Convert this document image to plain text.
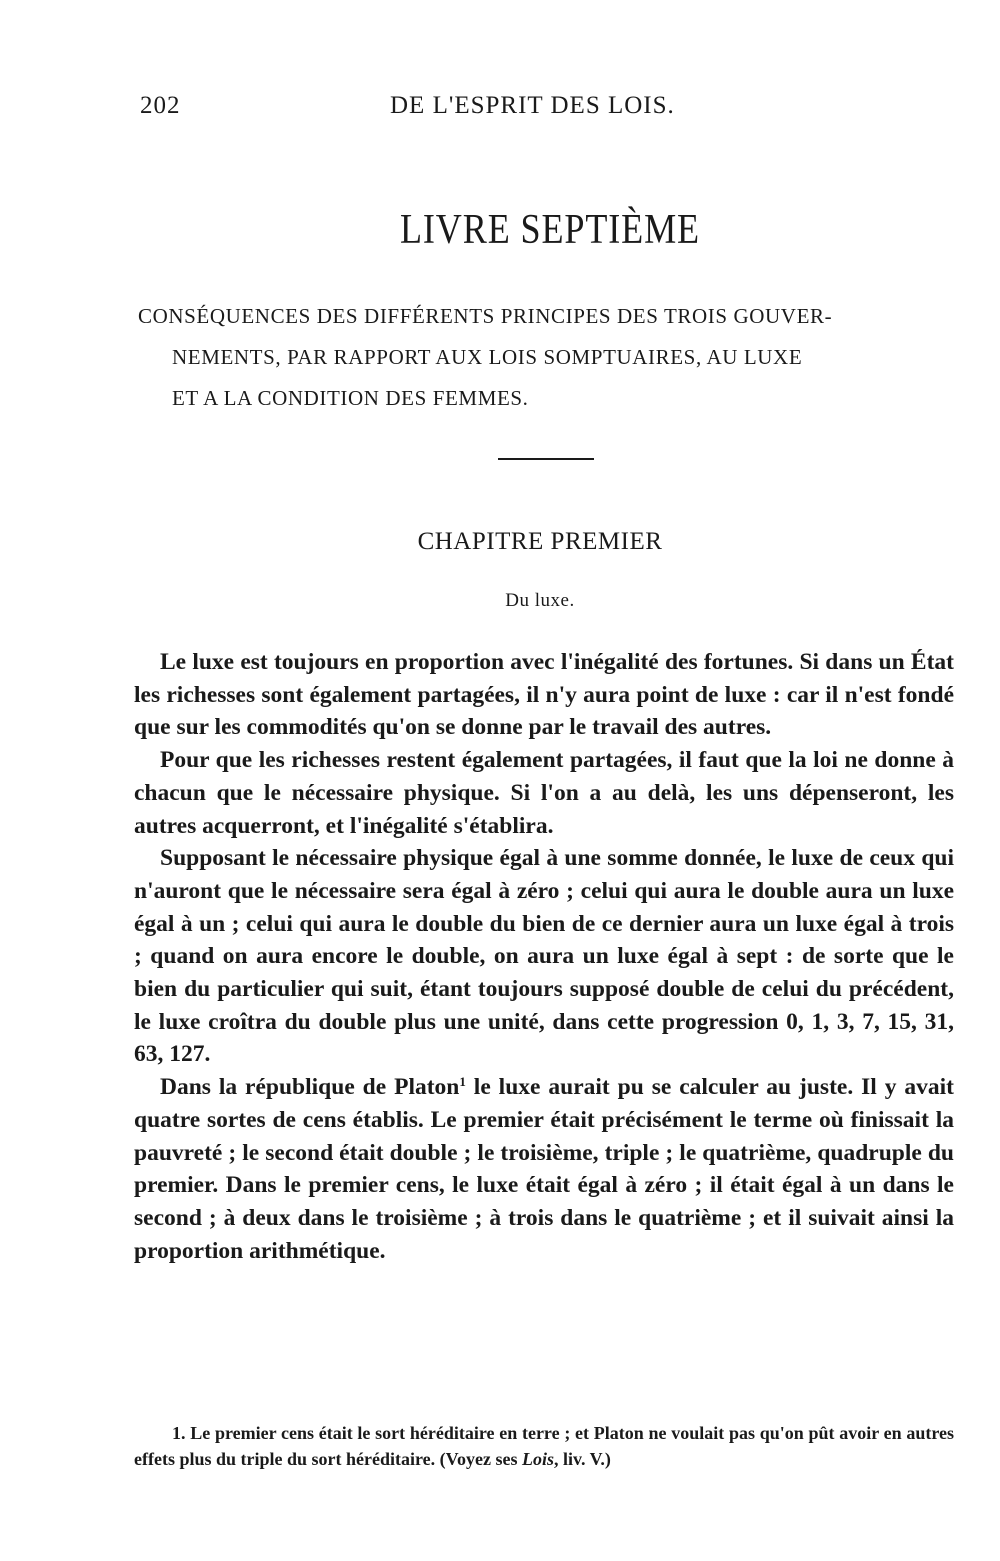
202	DE L'ESPRIT DES LOIS.
LIVRE SEPTIÈME
CONSÉQUENCES DES DIFFÉRENTS PRINCIPES DES TROIS GOUVER-
NEMENTS, PAR RAPPORT AUX LOIS SOMPTUAIRES, AU LUXE
ET A LA CONDITION DES FEMMES.
CHAPITRE PREMIER
Du luxe.

Le luxe est toujours en proportion avec l'inégalité des fortunes. Si dans un État les richesses sont également partagées, il n'y aura point de luxe : car il n'est fondé que sur les commodités qu'on se donne par le travail des autres.

Pour que les richesses restent également partagées, il faut que la loi ne donne à chacun que le nécessaire physique. Si l'on a au delà, les uns dépenseront, les autres acquerront, et l'inégalité s'établira.

Supposant le nécessaire physique égal à une somme donnée, le luxe de ceux qui n'auront que le nécessaire sera égal à zéro ; celui qui aura le double aura un luxe égal à un ; celui qui aura le double du bien de ce dernier aura un luxe égal à trois ; quand on aura encore le double, on aura un luxe égal à sept : de sorte que le bien du particulier qui suit, étant toujours supposé double de celui du précédent, le luxe croîtra du double plus une unité, dans cette progression 0, 1, 3, 7, 15, 31, 63, 127.

Dans la république de Platon$^1$ le luxe aurait pu se calculer au juste. Il y avait quatre sortes de cens établis. Le premier était précisément le terme où finissait la pauvreté ; le second était double ; le troisième, triple ; le quatrième, quadruple du premier. Dans le premier cens, le luxe était égal à zéro ; il était égal à un dans le second ; à deux dans le troisième ; à trois dans le quatrième ; et il suivait ainsi la proportion arithmétique.

1. Le premier cens était le sort héréditaire en terre ; et Platon ne voulait pas qu'on pût avoir en autres effets plus du triple du sort héréditaire. (Voyez ses Lois, liv. V.)
